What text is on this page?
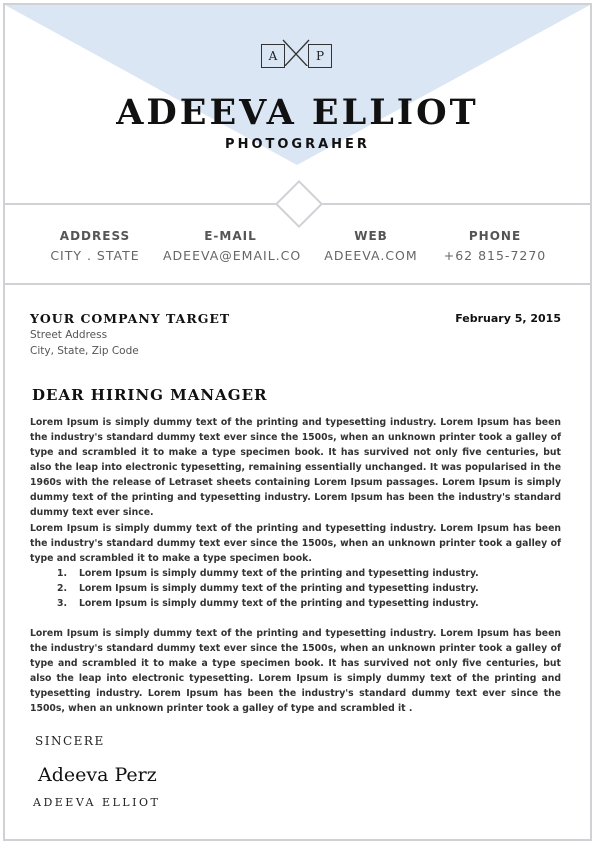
A	P
ADEEVA ELLIOT
PHOTOGRAHER
ADDRESS
CITY . STATE
E-MAIL
ADEEVA@EMAIL.CO
WEB
ADEEVA.COM
PHONE
+62 815-7270
YOUR COMPANY TARGET	February 5, 2015
Street Address
City, State, Zip Code
DEAR HIRING MANAGER
Lorem Ipsum is simply dummy text of the printing and typesetting industry. Lorem Ipsum has been the industry's standard dummy text ever since the 1500s, when an unknown printer took a galley of type and scrambled it to make a type specimen book. It has survived not only five centuries, but also the leap into electronic typesetting, remaining essentially unchanged. It was popularised in the 1960s with the release of Letraset sheets containing Lorem Ipsum passages. Lorem Ipsum is simply dummy text of the printing and typesetting industry. Lorem Ipsum has been the industry's standard dummy text ever since.
Lorem Ipsum is simply dummy text of the printing and typesetting industry. Lorem Ipsum has been the industry's standard dummy text ever since the 1500s, when an unknown printer took a galley of type and scrambled it to make a type specimen book.
1. Lorem Ipsum is simply dummy text of the printing and typesetting industry.
2. Lorem Ipsum is simply dummy text of the printing and typesetting industry.
3. Lorem Ipsum is simply dummy text of the printing and typesetting industry.
Lorem Ipsum is simply dummy text of the printing and typesetting industry. Lorem Ipsum has been the industry's standard dummy text ever since the 1500s, when an unknown printer took a galley of type and scrambled it to make a type specimen book. It has survived not only five centuries, but also the leap into electronic typesetting. Lorem Ipsum is simply dummy text of the printing and typesetting industry. Lorem Ipsum has been the industry's standard dummy text ever since the 1500s, when an unknown printer took a galley of type and scrambled it .
SINCERE
Adeeva Perz
ADEEVA ELLIOT
